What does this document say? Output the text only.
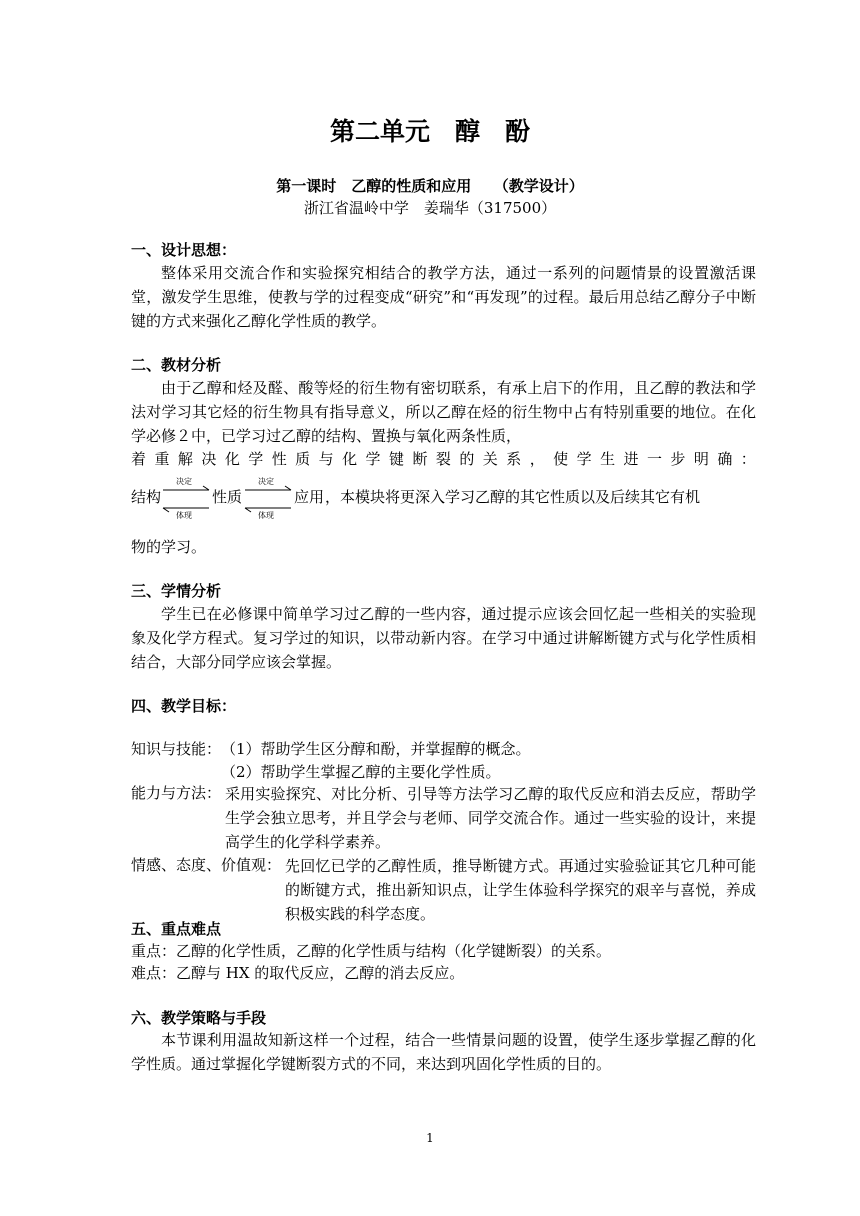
第二单元　醇　酚
第一课时　乙醇的性质和应用　　（教学设计）
浙江省温岭中学　姜瑞华（317500）
一、设计思想：
整体采用交流合作和实验探究相结合的教学方法，通过一系列的问题情景的设置激活课堂，激发学生思维，使教与学的过程变成“研究”和“再发现”的过程。最后用总结乙醇分子中断键的方式来强化乙醇化学性质的教学。
二、教材分析
由于乙醇和烃及醛、酸等烃的衍生物有密切联系，有承上启下的作用，且乙醇的教法和学法对学习其它烃的衍生物具有指导意义，所以乙醇在烃的衍生物中占有特别重要的地位。在化学必修２中，已学习过乙醇的结构、置换与氧化两条性质，
着 重 解 决 化 学 性 质 与 化 学 键 断 裂 的 关 系 ， 使 学 生 进 一 步 明 确 ：
结构
决定
体现
性质
决定
体现
应用 ，本模块将更深入学习乙醇的其它性质以及后续其它有机
物的学习。
三、学情分析
学生已在必修课中简单学习过乙醇的一些内容，通过提示应该会回忆起一些相关的实验现象及化学方程式。复习学过的知识，以带动新内容。在学习中通过讲解断键方式与化学性质相结合，大部分同学应该会掌握。
四、教学目标：
知识与技能： （1）帮助学生区分醇和酚，并掌握醇的概念。
（2）帮助学生掌握乙醇的主要化学性质。
能力与方法： 采用实验探究、对比分析、引导等方法学习乙醇的取代反应和消去反应，帮助学生学会独立思考，并且学会与老师、同学交流合作。通过一些实验的设计，来提高学生的化学科学素养。
情感、态度、价值观： 先回忆已学的乙醇性质，推导断键方式。再通过实验验证其它几种可能的断键方式，推出新知识点，让学生体验科学探究的艰辛与喜悦，养成积极实践的科学态度。
五、重点难点
重点：乙醇的化学性质，乙醇的化学性质与结构（化学键断裂）的关系。
难点：乙醇与 HX 的取代反应，乙醇的消去反应。
六、教学策略与手段
本节课利用温故知新这样一个过程，结合一些情景问题的设置，使学生逐步掌握乙醇的化学性质。通过掌握化学键断裂方式的不同，来达到巩固化学性质的目的。
1
